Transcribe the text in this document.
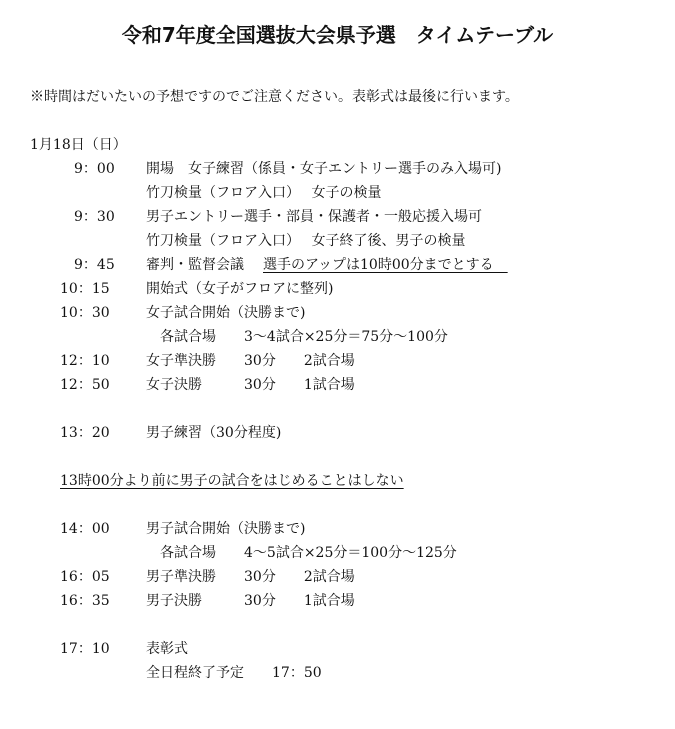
令和7年度全国選抜大会県予選　タイムテーブル
※時間はだいたいの予想ですのでご注意ください。表彰式は最後に行います。
1月18日（日）
9：00 開場　女子練習（係員・女子エントリー選手のみ入場可)
竹刀検量（フロア入口）　 女子の検量
9：30 男子エントリー選手・部員・保護者・一般応援入場可
竹刀検量（フロア入口）　 女子終了後、男子の検量
9：45 審判・監督会議 選手のアップは10時00分までとする　
10：15	開始式（女子がフロアに整列)
10：30	女子試合開始（決勝まで)
各試合場　　3～4試合×25分＝75分～100分
12：10	女子準決勝　　30分　　2試合場
12：50	女子決勝　　　30分　　1試合場
13：20	男子練習（30分程度)
13時00分より前に男子の試合をはじめることはしない
14：00	男子試合開始（決勝まで)
各試合場　　4～5試合×25分＝100分～125分
16：05	男子準決勝　　30分　　2試合場
16：35	男子決勝　　　30分　　1試合場
17：10	表彰式
全日程終了予定　　17：50
